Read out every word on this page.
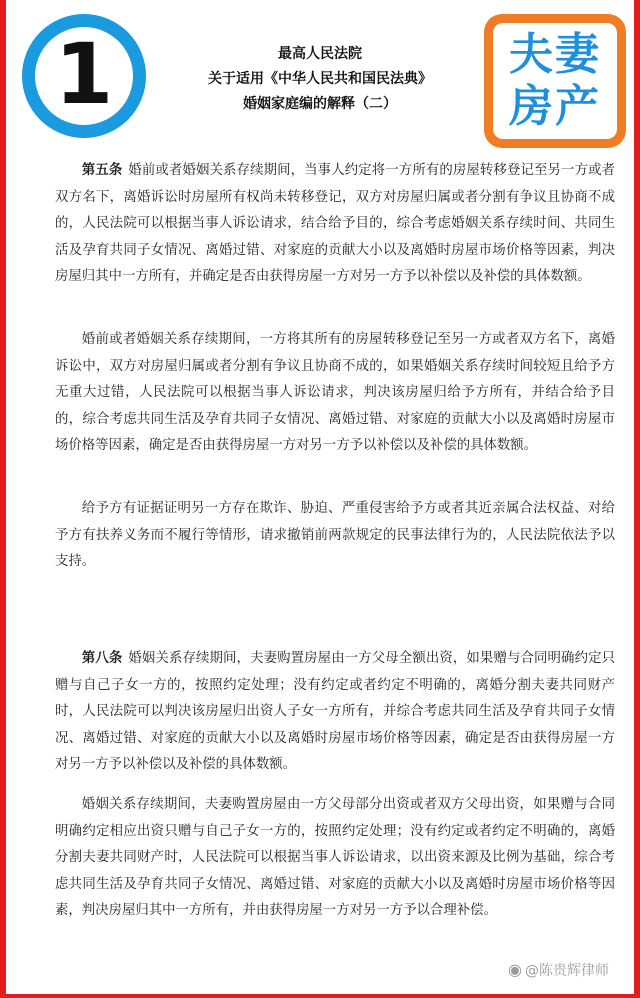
1	最高人民法院
关于适用《中华人民共和国民法典》
婚姻家庭编的解释（二）
夫妻
房产

第五条 婚前或者婚姻关系存续期间，当事人约定将一方所有的房屋转移登记至另一方或者双方名下，离婚诉讼时房屋所有权尚未转移登记，双方对房屋归属或者分割有争议且协商不成的，人民法院可以根据当事人诉讼请求，结合给予目的，综合考虑婚姻关系存续时间、共同生活及孕育共同子女情况、离婚过错、对家庭的贡献大小以及离婚时房屋市场价格等因素，判决房屋归其中一方所有，并确定是否由获得房屋一方对另一方予以补偿以及补偿的具体数额。

婚前或者婚姻关系存续期间，一方将其所有的房屋转移登记至另一方或者双方名下，离婚诉讼中，双方对房屋归属或者分割有争议且协商不成的，如果婚姻关系存续时间较短且给予方无重大过错，人民法院可以根据当事人诉讼请求，判决该房屋归给予方所有，并结合给予目的，综合考虑共同生活及孕育共同子女情况、离婚过错、对家庭的贡献大小以及离婚时房屋市场价格等因素，确定是否由获得房屋一方对另一方予以补偿以及补偿的具体数额。

给予方有证据证明另一方存在欺诈、胁迫、严重侵害给予方或者其近亲属合法权益、对给予方有扶养义务而不履行等情形，请求撤销前两款规定的民事法律行为的，人民法院依法予以支持。

第八条 婚姻关系存续期间，夫妻购置房屋由一方父母全额出资，如果赠与合同明确约定只赠与自己子女一方的，按照约定处理；没有约定或者约定不明确的，离婚分割夫妻共同财产时，人民法院可以判决该房屋归出资人子女一方所有，并综合考虑共同生活及孕育共同子女情况、离婚过错、对家庭的贡献大小以及离婚时房屋市场价格等因素，确定是否由获得房屋一方对另一方予以补偿以及补偿的具体数额。

婚姻关系存续期间，夫妻购置房屋由一方父母部分出资或者双方父母出资，如果赠与合同明确约定相应出资只赠与自己子女一方的，按照约定处理；没有约定或者约定不明确的，离婚分割夫妻共同财产时，人民法院可以根据当事人诉讼请求，以出资来源及比例为基础，综合考虑共同生活及孕育共同子女情况、离婚过错、对家庭的贡献大小以及离婚时房屋市场价格等因素，判决房屋归其中一方所有，并由获得房屋一方对另一方予以合理补偿。

◉ @陈贵辉律师
